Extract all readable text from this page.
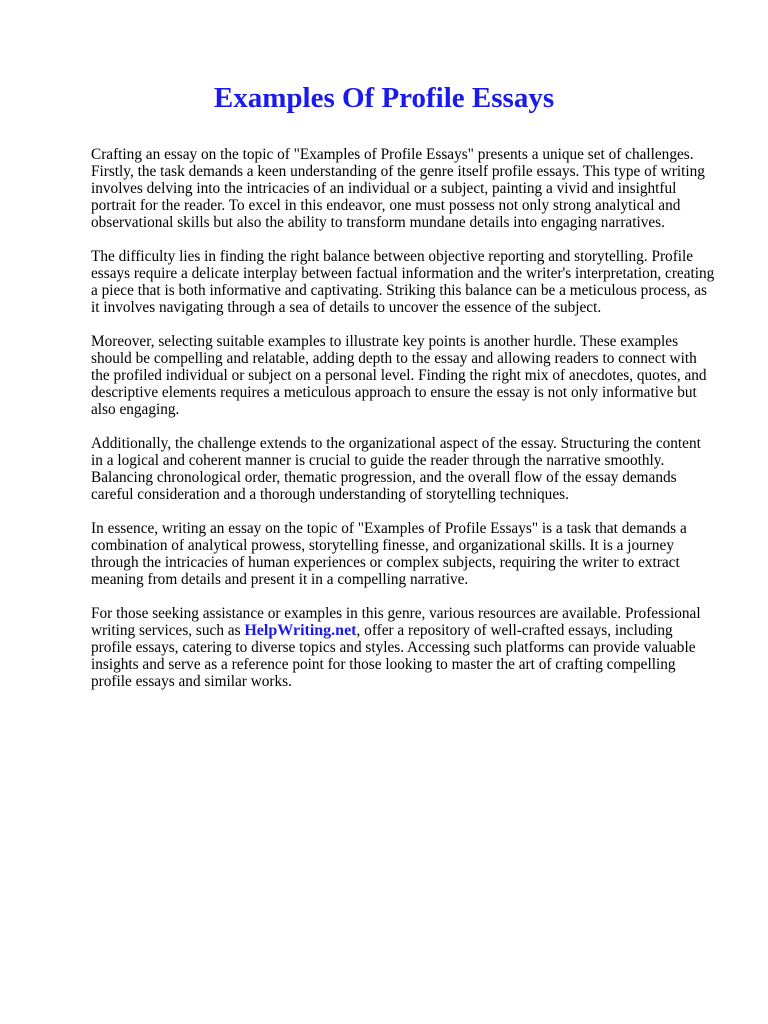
Examples Of Profile Essays

Crafting an essay on the topic of "Examples of Profile Essays" presents a unique set of challenges. Firstly, the task demands a keen understanding of the genre itself profile essays. This type of writing involves delving into the intricacies of an individual or a subject, painting a vivid and insightful portrait for the reader. To excel in this endeavor, one must possess not only strong analytical and observational skills but also the ability to transform mundane details into engaging narratives.

The difficulty lies in finding the right balance between objective reporting and storytelling. Profile essays require a delicate interplay between factual information and the writer's interpretation, creating a piece that is both informative and captivating. Striking this balance can be a meticulous process, as it involves navigating through a sea of details to uncover the essence of the subject.

Moreover, selecting suitable examples to illustrate key points is another hurdle. These examples should be compelling and relatable, adding depth to the essay and allowing readers to connect with the profiled individual or subject on a personal level. Finding the right mix of anecdotes, quotes, and descriptive elements requires a meticulous approach to ensure the essay is not only informative but also engaging.

Additionally, the challenge extends to the organizational aspect of the essay. Structuring the content in a logical and coherent manner is crucial to guide the reader through the narrative smoothly. Balancing chronological order, thematic progression, and the overall flow of the essay demands careful consideration and a thorough understanding of storytelling techniques.

In essence, writing an essay on the topic of "Examples of Profile Essays" is a task that demands a combination of analytical prowess, storytelling finesse, and organizational skills. It is a journey through the intricacies of human experiences or complex subjects, requiring the writer to extract meaning from details and present it in a compelling narrative.

For those seeking assistance or examples in this genre, various resources are available. Professional writing services, such as HelpWriting.net, offer a repository of well-crafted essays, including profile essays, catering to diverse topics and styles. Accessing such platforms can provide valuable insights and serve as a reference point for those looking to master the art of crafting compelling profile essays and similar works.
